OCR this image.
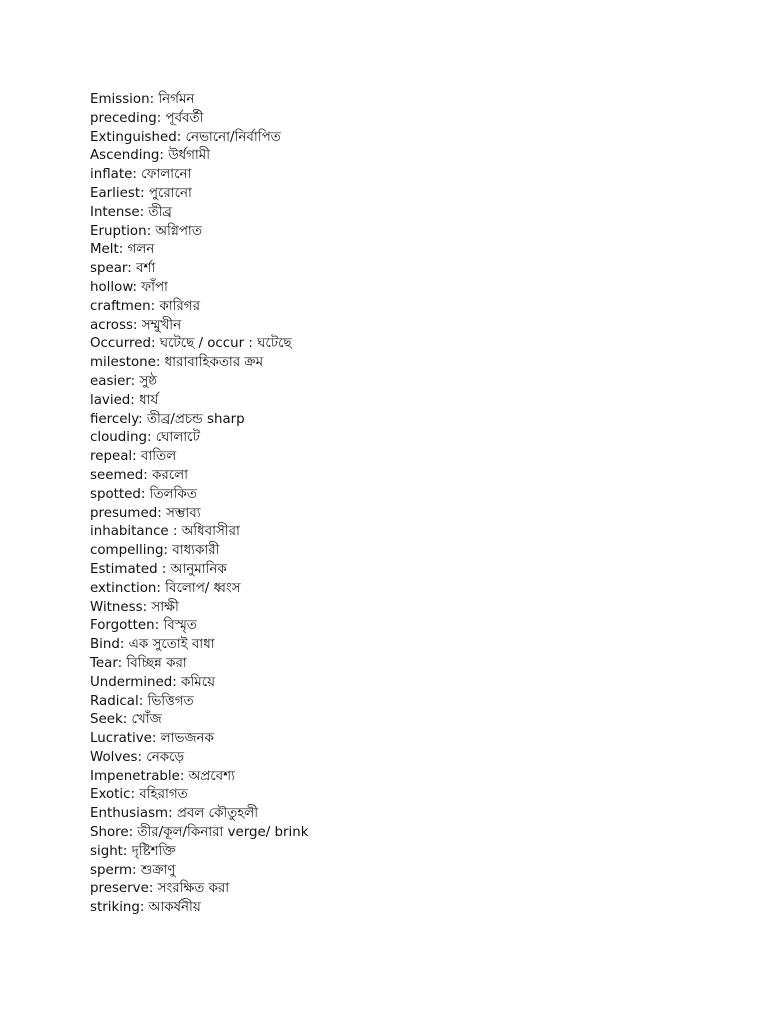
Emission: নির্গমন
preceding: পূর্ববর্তী
Extinguished: নেভানো/নির্বাপিত
Ascending: উর্ধগামী
inflate: ফোলানো
Earliest: পুরোনো
Intense: তীব্র
Eruption: অগ্নিপাত
Melt: গলন
spear: বর্শা
hollow: ফাঁপা
craftmen: কারিগর
across: সম্মুখীন
Occurred: ঘটেছে / occur : ঘটেছে
milestone: ধারাবাহিকতার ক্রম
easier: সুষ্ঠ
lavied: ধার্য
fiercely: তীব্র/প্রচন্ড sharp
clouding: ঘোলাটে
repeal: বাতিল
seemed: করলো
spotted: তিলকিত
presumed: সম্ভাব্য
inhabitance : অধিবাসীরা
compelling: বাধ্যকারী
Estimated : আনুমানিক
extinction: বিলোপ/ ধ্বংস
Witness: সাক্ষী
Forgotten: বিস্মৃত
Bind: এক সুতোই বাধা
Tear: বিচ্ছিন্ন করা
Undermined: কমিয়ে
Radical: ভিত্তিগত
Seek: খোঁজ
Lucrative: লাভজনক
Wolves: নেকড়ে
Impenetrable: অপ্রবেশ্য
Exotic: বহিরাগত
Enthusiasm: প্রবল কৌতুহলী
Shore: তীর/কূল/কিনারা verge/ brink
sight: দৃষ্টিশক্তি
sperm: শুক্রাণু
preserve: সংরক্ষিত করা
striking: আকর্ষনীয়
